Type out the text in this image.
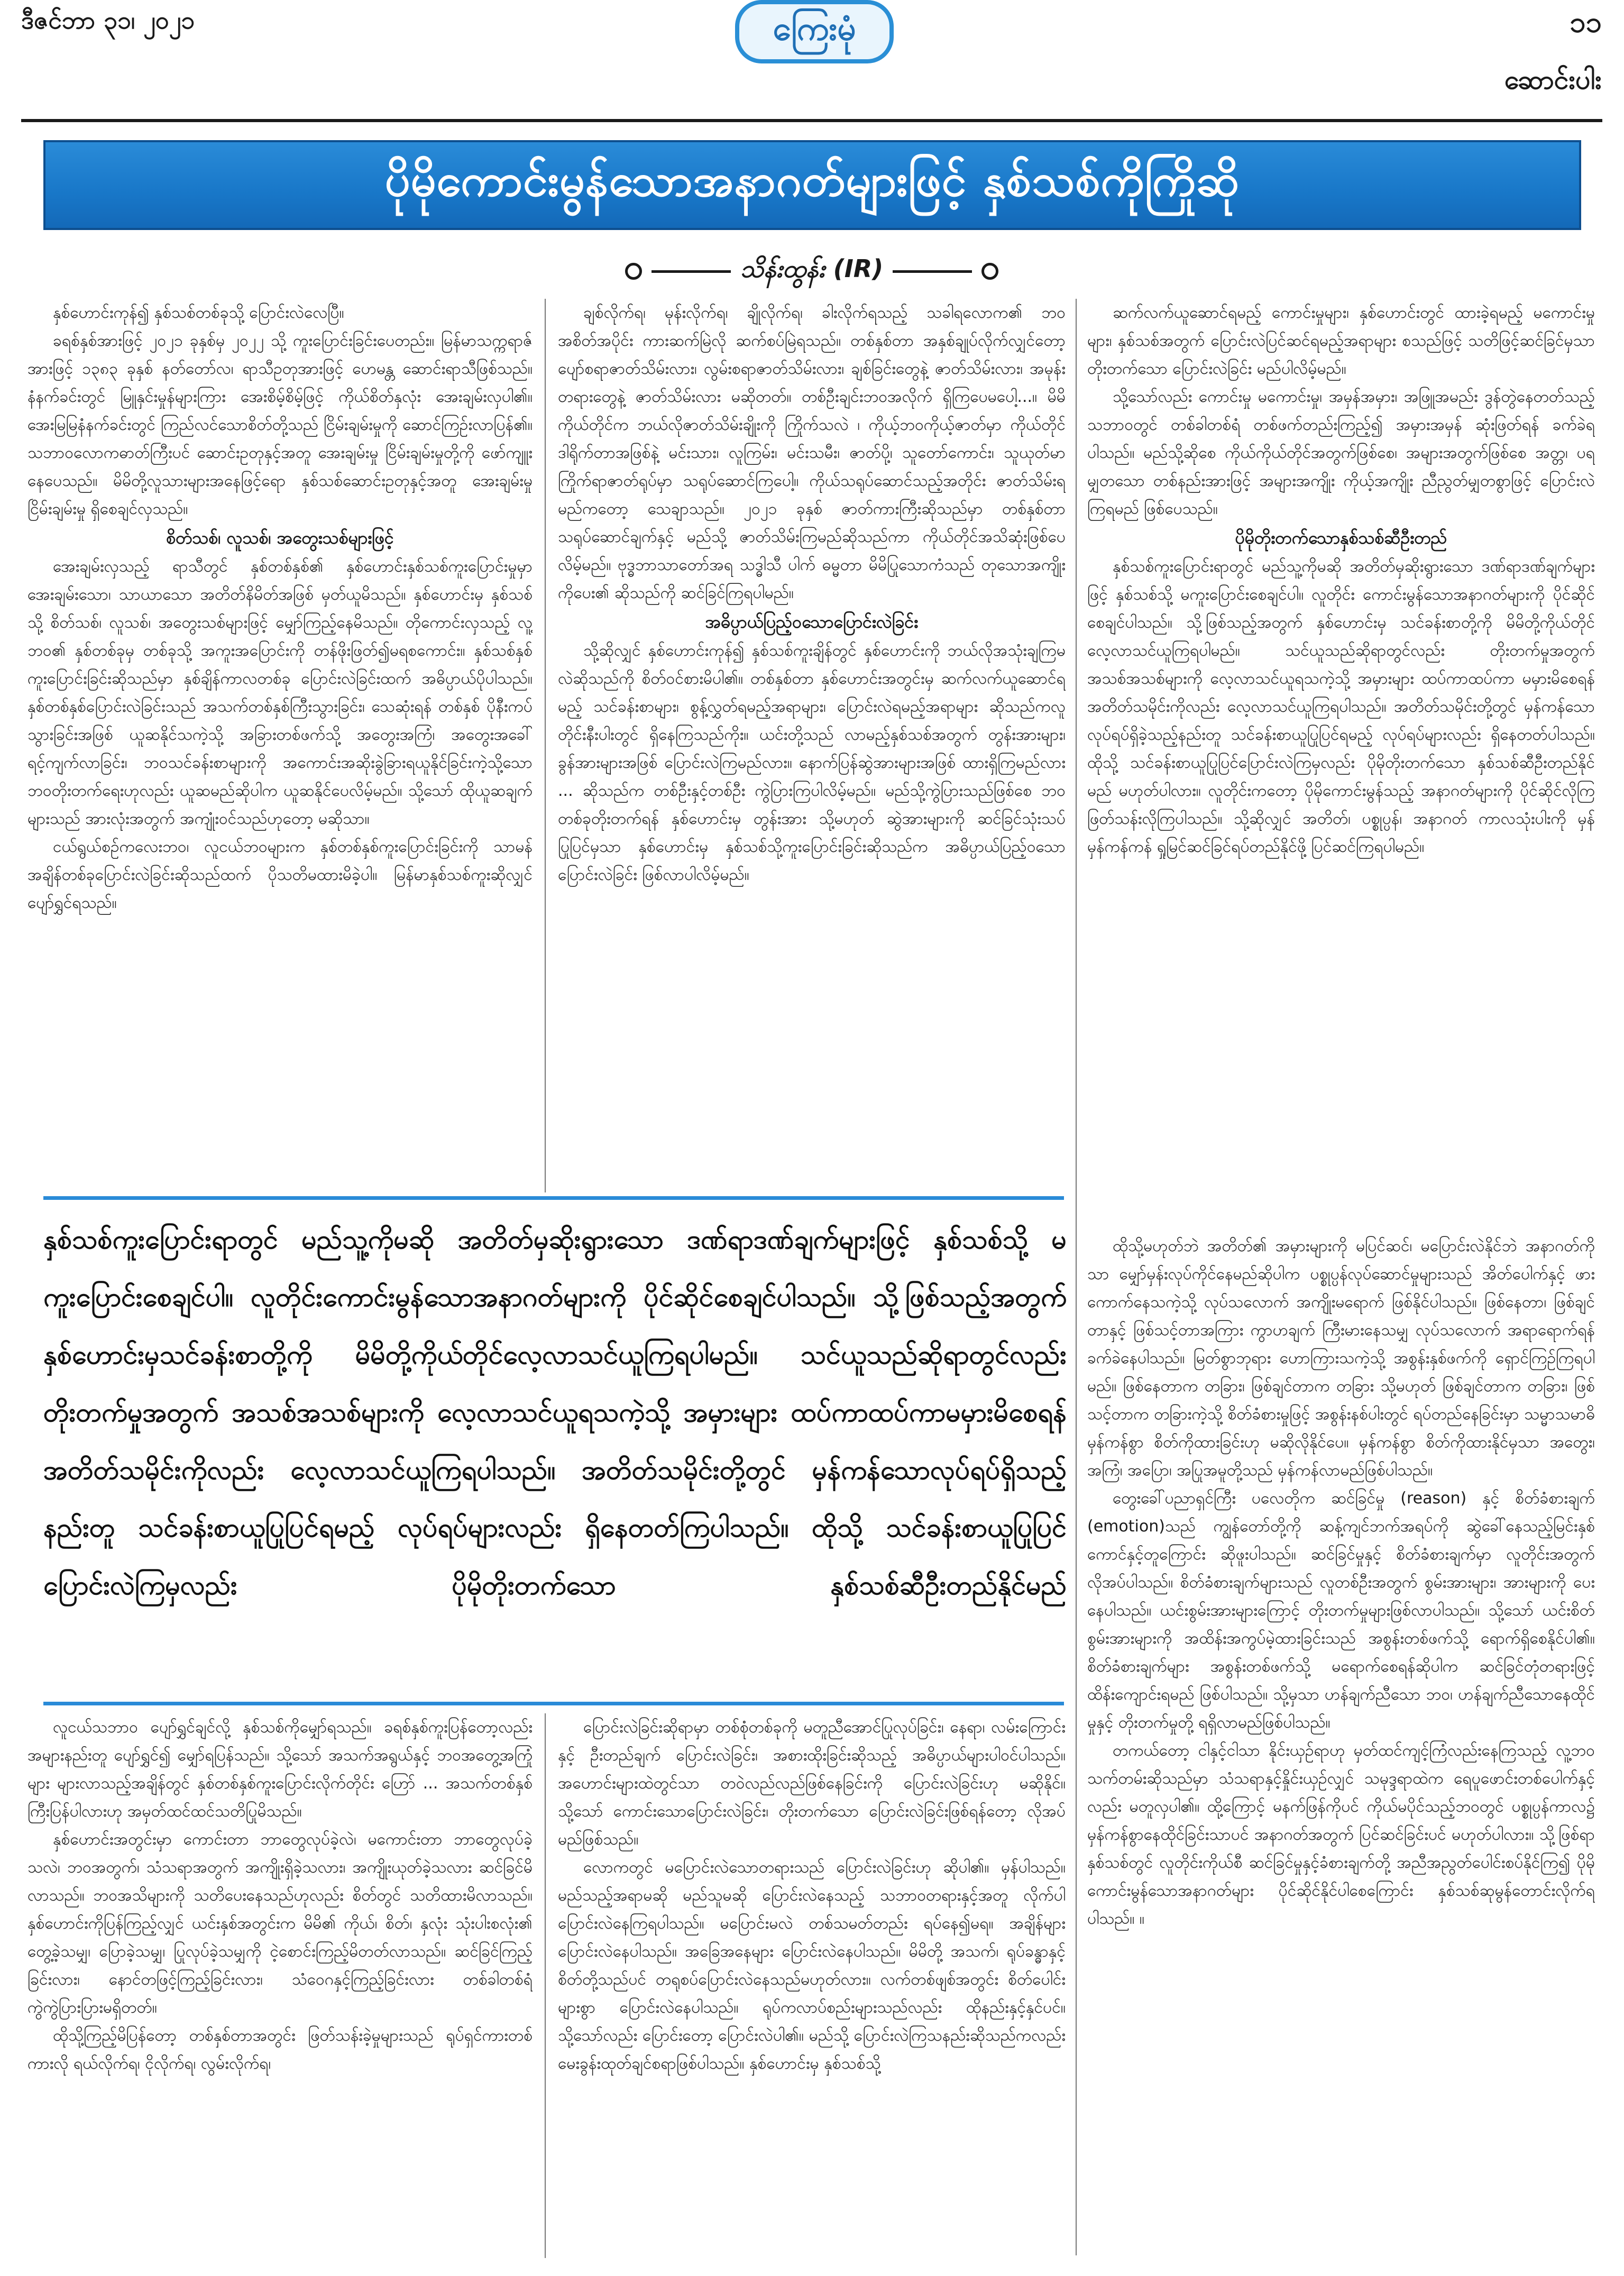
ဒီဇင်ဘာ ၃၁၊ ၂၀၂၁	ကြေးမုံ	၁၁
ဆောင်းပါး
ပိုမိုကောင်းမွန်သောအနာဂတ်များဖြင့် နှစ်သစ်ကိုကြိုဆို
သိန်းထွန်း (IR)

နှစ်ဟောင်းကုန်၍ နှစ်သစ်တစ်ခုသို့ ပြောင်းလဲလေပြီ။

ခရစ်နှစ်အားဖြင့် ၂၀၂၁ ခုနှစ်မှ ၂၀၂၂ သို့ ကူးပြောင်းခြင်းပေတည်း။ မြန်မာသက္ကရာဇ်အားဖြင့် ၁၃၈၃ ခုနှစ် နတ်တော်လ၊ ရာသီဥတုအားဖြင့် ဟေမန္တ ဆောင်းရာသီဖြစ်သည်။ နံနက်ခင်းတွင် မြူနှင်းမှုန်များကြား အေးစိမ့်စိမ့်ဖြင့် ကိုယ်စိတ်နှလုံး အေးချမ်းလှပါ၏။ အေးမြမြနံနက်ခင်းတွင် ကြည်လင်သောစိတ်တို့သည် ငြိမ်းချမ်းမှုကို ဆောင်ကြဉ်းလာပြန်၏။ သဘာဝလောကဓာတ်ကြီးပင် ဆောင်းဥတုနှင့်အတူ အေးချမ်းမှု ငြိမ်းချမ်းမှုတို့ကို ဖော်ကျူးနေပေသည်။ မိမိတို့လူသားများအနေဖြင့်ရော နှစ်သစ်ဆောင်းဥတုနှင့်အတူ အေးချမ်းမှု ငြိမ်းချမ်းမှု ရှိစေချင်လှသည်။

စိတ်သစ်၊ လူသစ်၊ အတွေးသစ်များဖြင့်

အေးချမ်းလှသည့် ရာသီတွင် နှစ်တစ်နှစ်၏ နှစ်ဟောင်းနှစ်သစ်ကူးပြောင်းမှုမှာ အေးချမ်းသော၊ သာယာသော အတိတ်နိမိတ်အဖြစ် မှတ်ယူမိသည်။ နှစ်ဟောင်းမှ နှစ်သစ်သို့ စိတ်သစ်၊ လူသစ်၊ အတွေးသစ်များဖြင့် မျှော်ကြည့်နေမိသည်။ တိုကောင်းလှသည့် လူ့ဘဝ၏ နှစ်တစ်ခုမှ တစ်ခုသို့ အကူးအပြောင်းကို တန်ဖိုးဖြတ်၍မရစကောင်း။ နှစ်သစ်နှစ် ကူးပြောင်းခြင်းဆိုသည်မှာ နှစ်ချိန်ကာလတစ်ခု ပြောင်းလဲခြင်းထက် အဓိပ္ပာယ်ပိုပါသည်။ နှစ်တစ်နှစ်ပြောင်းလဲခြင်းသည် အသက်တစ်နှစ်ကြီးသွားခြင်း၊ သေဆုံးရန် တစ်နှစ် ပိုနီးကပ်သွားခြင်းအဖြစ် ယူဆနိုင်သကဲ့သို့ အခြားတစ်ဖက်သို့ အတွေးအကြံ၊ အတွေးအခေါ် ရင့်ကျက်လာခြင်း၊ ဘဝသင်ခန်းစာများကို အကောင်းအဆိုးခွဲခြားရယူနိုင်ခြင်းကဲ့သို့သော ဘဝတိုးတက်ရေးဟုလည်း ယူဆမည်ဆိုပါက ယူဆနိုင်ပေလိမ့်မည်။ သို့သော် ထိုယူဆချက်များသည် အားလုံးအတွက် အကျုံးဝင်သည်ဟုတော့ မဆိုသာ။

ငယ်ရွယ်စဉ်ကလေးဘဝ၊ လူငယ်ဘဝများက နှစ်တစ်နှစ်ကူးပြောင်းခြင်းကို သာမန်အချိန်တစ်ခုပြောင်းလဲခြင်းဆိုသည်ထက် ပိုသတိမထားမိခဲ့ပါ။ မြန်မာနှစ်သစ်ကူးဆိုလျှင် ပျော်ရွှင်ရသည်။

ချစ်လိုက်ရ၊ မုန်းလိုက်ရ၊ ချိုလိုက်ရ၊ ခါးလိုက်ရသည့် သခါရလောက၏ ဘဝအစိတ်အပိုင်း ကားဆက်မြဲလို ဆက်စပ်မြဲရသည်။ တစ်နှစ်တာ အနှစ်ချုပ်လိုက်လျှင်တော့ ပျော်စရာဇာတ်သိမ်းလား၊ လွမ်းစရာဇာတ်သိမ်းလား၊ ချစ်ခြင်းတွေနဲ့ ဇာတ်သိမ်းလား၊ အမုန်းတရားတွေနဲ့ ဇာတ်သိမ်းလား မဆိုတတ်။ တစ်ဦးချင်းဘဝအလိုက် ရှိကြပေမပေါ့...။ မိမိကိုယ်တိုင်က ဘယ်လိုဇာတ်သိမ်းချိုးကို ကြိုက်သလဲ ၊ ကိုယ့်ဘဝကိုယ့်ဇာတ်မှာ ကိုယ်တိုင်ဒါရိုက်တာအဖြစ်နဲ့ မင်းသား၊ လူကြမ်း၊ မင်းသမီး၊ ဇာတ်ပို့၊ သူတော်ကောင်း၊ သူယုတ်မာ ကြိုက်ရာဇာတ်ရုပ်မှာ သရုပ်ဆောင်ကြပေါ့။ ကိုယ်သရုပ်ဆောင်သည့်အတိုင်း ဇာတ်သိမ်းရမည်ကတော့ သေချာသည်။ ၂၀၂၁ ခုနှစ် ဇာတ်ကားကြီးဆိုသည်မှာ တစ်နှစ်တာသရုပ်ဆောင်ချက်နှင့် မည်သို့ ဇာတ်သိမ်းကြမည်ဆိုသည်ကာ ကိုယ်တိုင်အသိဆုံးဖြစ်ပေလိမ့်မည်။ ဗုဒ္ဓဘာသာတော်အရ သဒ္ဓါသီ ပါက် ဓမ္မတာ မိမိပြုသောကံသည် တုသောအကျိုးကိုပေး၏ ဆိုသည်ကို ဆင်ခြင်ကြရပါမည်။

အဓိပ္ပာယ်ပြည့်ဝသောပြောင်းလဲခြင်း

သို့ဆိုလျှင် နှစ်ဟောင်းကုန်၍ နှစ်သစ်ကူးချိန်တွင် နှစ်ဟောင်းကို ဘယ်လိုအသုံးချကြမလဲဆိုသည်ကို စိတ်ဝင်စားမိပါ၏။ တစ်နှစ်တာ နှစ်ဟောင်းအတွင်းမှ ဆက်လက်ယူဆောင်ရမည့် သင်ခန်းစာများ၊ စွန့်လွှတ်ရမည့်အရာများ၊ ပြောင်းလဲရမည့်အရာများ ဆိုသည်ကလူတိုင်းနီးပါးတွင် ရှိနေကြသည်ကိုး။ ယင်းတို့သည် လာမည့်နှစ်သစ်အတွက် တွန်းအားများ၊ ခွန်အားများအဖြစ် ပြောင်းလဲကြမည်လား။ နောက်ပြန်ဆွဲအားများအဖြစ် ထားရှိကြမည်လား ... ဆိုသည်က တစ်ဦးနှင့်တစ်ဦး ကွဲပြားကြပါလိမ့်မည်။ မည်သို့ကွဲပြားသည်ဖြစ်စေ ဘဝတစ်ခုတိုးတက်ရန် နှစ်ဟောင်းမှ တွန်းအား သို့မဟုတ် ဆွဲအားများကို ဆင်ခြင်သုံးသပ် ပြုပြင်မှသာ နှစ်ဟောင်းမှ နှစ်သစ်သို့ကူးပြောင်းခြင်းဆိုသည်က အဓိပ္ပာယ်ပြည့်ဝသောပြောင်းလဲခြင်း ဖြစ်လာပါလိမ့်မည်။

ဆက်လက်ယူဆောင်ရမည့် ကောင်းမှုများ၊ နှစ်ဟောင်းတွင် ထားခဲ့ရမည့် မကောင်းမှုများ၊ နှစ်သစ်အတွက် ပြောင်းလဲပြင်ဆင်ရမည့်အရာများ စသည်ဖြင့် သတိဖြင့်ဆင်ခြင်မှသာ တိုးတက်သော ပြောင်းလဲခြင်း မည်ပါလိမ့်မည်။

သို့သော်လည်း ကောင်းမှု မကောင်းမှု၊ အမှန်အမှား၊ အဖြူအမည်း ဒွန်တွဲနေတတ်သည့် သဘာဝတွင် တစ်ခါတစ်ရံ တစ်ဖက်တည်းကြည့်၍ အမှားအမှန် ဆုံးဖြတ်ရန် ခက်ခဲရပါသည်။ မည်သို့ဆိုစေ ကိုယ်ကိုယ်တိုင်အတွက်ဖြစ်စေ၊ အများအတွက်ဖြစ်စေ အတ္တ၊ ပရ မျှတသော တစ်နည်းအားဖြင့် အများအကျိုး ကိုယ့်အကျိုး ညီညွတ်မျှတစွာဖြင့် ပြောင်းလဲကြရမည် ဖြစ်ပေသည်။

ပိုမိုတိုးတက်သောနှစ်သစ်ဆီဦးတည်

နှစ်သစ်ကူးပြောင်းရာတွင် မည်သူ့ကိုမဆို အတိတ်မှဆိုးရွားသော ဒဏ်ရာဒဏ်ချက်များဖြင့် နှစ်သစ်သို့ မကူးပြောင်းစေချင်ပါ။ လူတိုင်း ကောင်းမွန်သောအနာဂတ်များကို ပိုင်ဆိုင်စေချင်ပါသည်။ သို့ဖြစ်သည့်အတွက် နှစ်ဟောင်းမှ သင်ခန်းစာတို့ကို မိမိတို့ကိုယ်တိုင် လေ့လာသင်ယူကြရပါမည်။ သင်ယူသည်ဆိုရာတွင်လည်း တိုးတက်မှုအတွက် အသစ်အသစ်များကို လေ့လာသင်ယူရသကဲ့သို့ အမှားများ ထပ်ကာထပ်ကာ မမှားမိစေရန် အတိတ်သမိုင်းကိုလည်း လေ့လာသင်ယူကြရပါသည်။ အတိတ်သမိုင်းတို့တွင် မှန်ကန်သောလုပ်ရပ်ရှိခဲ့သည့်နည်းတူ သင်ခန်းစာယူပြုပြင်ရမည့် လုပ်ရပ်များလည်း ရှိနေတတ်ပါသည်။ ထိုသို့ သင်ခန်းစာယူပြုပြင်ပြောင်းလဲကြမှလည်း ပိုမိုတိုးတက်သော နှစ်သစ်ဆီဦးတည်နိုင်မည် မဟုတ်ပါလား။ လူတိုင်းကတော့ ပိုမိုကောင်းမွန်သည့် အနာဂတ်များကို ပိုင်ဆိုင်လိုကြ ဖြတ်သန်းလိုကြပါသည်။ သို့ဆိုလျှင် အတိတ်၊ ပစ္စုပ္ပန်၊ အနာဂတ် ကာလသုံးပါးကို မှန်မှန်ကန်ကန် ရှုမြင်ဆင်ခြင်ရပ်တည်နိုင်ဖို့ ပြင်ဆင်ကြရပါမည်။

နှစ်သစ်ကူးပြောင်းရာတွင် မည်သူ့ကိုမဆို အတိတ်မှဆိုးရွားသော ဒဏ်ရာဒဏ်ချက်များဖြင့် နှစ်သစ်သို့ မကူးပြောင်းစေချင်ပါ။ လူတိုင်းကောင်းမွန်သောအနာဂတ်များကို ပိုင်ဆိုင်စေချင်ပါသည်။ သို့ဖြစ်သည့်အတွက် နှစ်ဟောင်းမှသင်ခန်းစာတို့ကို မိမိတို့ကိုယ်တိုင်လေ့လာသင်ယူကြရပါမည်။ သင်ယူသည်ဆိုရာတွင်လည်း တိုးတက်မှုအတွက် အသစ်အသစ်များကို လေ့လာသင်ယူရသကဲ့သို့ အမှားများ ထပ်ကာထပ်ကာမမှားမိစေရန် အတိတ်သမိုင်းကိုလည်း လေ့လာသင်ယူကြရပါသည်။ အတိတ်သမိုင်းတို့တွင် မှန်ကန်သောလုပ်ရပ်ရှိသည့်နည်းတူ သင်ခန်းစာယူပြုပြင်ရမည့် လုပ်ရပ်များလည်း ရှိနေတတ်ကြပါသည်။ ထိုသို့ သင်ခန်းစာယူပြုပြင်ပြောင်းလဲကြမှလည်း ပိုမိုတိုးတက်သော နှစ်သစ်ဆီဦးတည်နိုင်မည်

ထိုသို့မဟုတ်ဘဲ အတိတ်၏ အမှားများကို မပြင်ဆင်၊ မပြောင်းလဲနိုင်ဘဲ အနာဂတ်ကိုသာ မျှော်မှန်းလုပ်ကိုင်နေမည်ဆိုပါက ပစ္စုပ္ပန်လုပ်ဆောင်မှုများသည် အိတ်ပေါက်နှင့် ဖားကောက်နေသကဲ့သို့ လုပ်သလောက် အကျိုးမရောက် ဖြစ်နိုင်ပါသည်။ ဖြစ်နေတာ၊ ဖြစ်ချင်တာနှင့် ဖြစ်သင့်တာအကြား ကွာဟချက် ကြီးမားနေသမျှ လုပ်သလောက် အရာရောက်ရန် ခက်ခဲနေပါသည်။ မြတ်စွာဘုရား ဟောကြားသကဲ့သို့ အစွန်းနှစ်ဖက်ကို ရှောင်ကြဉ်ကြရပါမည်။ ဖြစ်နေတာက တခြား၊ ဖြစ်ချင်တာက တခြား သို့မဟုတ် ဖြစ်ချင်တာက တခြား၊ ဖြစ်သင့်တာက တခြားကဲ့သို့ စိတ်ခံစားမှုဖြင့် အစွန်းနစ်ပါးတွင် ရပ်တည်နေခြင်းမှာ သမ္မာသမာဓိ မှန်ကန်စွာ စိတ်ကိုထားခြင်းဟု မဆိုလိုနိုင်ပေ။ မှန်ကန်စွာ စိတ်ကိုထားနိုင်မှသာ အတွေး၊ အကြံ၊ အပြော၊ အပြုအမူတို့သည် မှန်ကန်လာမည်ဖြစ်ပါသည်။

တွေးခေါ်ပညာရှင်ကြီး ပလေတိုက ဆင်ခြင်မှု (reason) နှင့် စိတ်ခံစားချက် (emotion)သည် ကျွန်တော်တို့ကို ဆန့်ကျင်ဘက်အရပ်ကို ဆွဲခေါ်နေသည့်မြင်းနှစ်ကောင်နှင့်တူကြောင်း ဆိုဖူးပါသည်။ ဆင်ခြင်မှုနှင့် စိတ်ခံစားချက်မှာ လူတိုင်းအတွက် လိုအပ်ပါသည်။ စိတ်ခံစားချက်များသည် လူတစ်ဦးအတွက် စွမ်းအားများ၊ အားများကို ပေးနေပါသည်။ ယင်းစွမ်းအားများကြောင့် တိုးတက်မှုများဖြစ်လာပါသည်။ သို့သော် ယင်းစိတ်စွမ်းအားများကို အထိန်းအကွပ်မဲ့ထားခြင်းသည် အစွန်းတစ်ဖက်သို့ ရောက်ရှိစေနိုင်ပါ၏။ စိတ်ခံစားချက်များ အစွန်းတစ်ဖက်သို့ မရောက်စေရန်ဆိုပါက ဆင်ခြင်တုံတရားဖြင့် ထိန်းကျောင်းရမည် ဖြစ်ပါသည်။ သို့မှသာ ဟန်ချက်ညီသော ဘဝ၊ ဟန်ချက်ညီသောနေထိုင်မှုနှင့် တိုးတက်မှုတို့ ရရှိလာမည်ဖြစ်ပါသည်။

တကယ်တော့ ငါနှင့်ငါသာ နိုင်းယှဉ်ရာဟု မှတ်ထင်ကျင့်ကြံလည်းနေကြသည့် လူ့ဘဝသက်တမ်းဆိုသည်မှာ သံသရာနှင့်နှိုင်းယှဉ်လျှင် သမုဒ္ဒရာထဲက ရေပူဖောင်းတစ်ပေါက်နှင့်လည်း မတူလှပါ၏။ ထို့ကြောင့် မနက်ဖြန်ကိုပင် ကိုယ်မပိုင်သည့်ဘဝတွင် ပစ္စုပ္ပန်ကာလ၌ မှန်ကန်စွာနေထိုင်ခြင်းသာပင် အနာဂတ်အတွက် ပြင်ဆင်ခြင်းပင် မဟုတ်ပါလား။ သို့ဖြစ်ရာ နှစ်သစ်တွင် လူတိုင်းကိုယ်စီ ဆင်ခြင်မှုနှင့်ခံစားချက်တို့ အညီအညွတ်ပေါင်းစပ်နိုင်ကြ၍ ပိုမိုကောင်းမွန်သောအနာဂတ်များ ပိုင်ဆိုင်နိုင်ပါစေကြောင်း နှစ်သစ်ဆုမွန်တောင်းလိုက်ရပါသည်။ ။

လူငယ်သဘာဝ ပျော်ရွှင်ချင်လို့ နှစ်သစ်ကိုမျှော်ရသည်။ ခရစ်နှစ်ကူးပြန်တော့လည်း အများနည်းတူ ပျော်ရွှင်၍ မျှော်ရပြန်သည်။ သို့သော် အသက်အရွယ်နှင့် ဘဝအတွေ့အကြုံများ များလာသည့်အချိန်တွင် နှစ်တစ်နှစ်ကူးပြောင်းလိုက်တိုင်း ဟြော် ... အသက်တစ်နှစ်ကြီးပြန်ပါလားဟု အမှတ်ထင်ထင်သတိပြုမိသည်။

နှစ်ဟောင်းအတွင်းမှာ ကောင်းတာ ဘာတွေလုပ်ခဲ့လဲ၊ မကောင်းတာ ဘာတွေလုပ်ခဲ့သလဲ၊ ဘဝအတွက်၊ သံသရာအတွက် အကျိုးရှိခဲ့သလား၊ အကျိုးယုတ်ခဲ့သလား ဆင်ခြင်မိလာသည်။ ဘဝအသိများကို သတိပေးနေသည်ဟုလည်း စိတ်တွင် သတိထားမိလာသည်။ နှစ်ဟောင်းကိုပြန်ကြည့်လျှင် ယင်းနှစ်အတွင်းက မိမိ၏ ကိုယ်၊ စိတ်၊ နှလုံး သုံးပါးစလုံး၏ တွေ့ခဲ့သမျှ၊ ပြောခဲ့သမျှ၊ ပြုလုပ်ခဲ့သမျှကို ငဲ့စောင်းကြည့်မိတတ်လာသည်။ ဆင်ခြင်ကြည့်ခြင်းလား၊ နောင်တဖြင့်ကြည့်ခြင်းလား၊ သံဝေဂနှင့်ကြည့်ခြင်းလား တစ်ခါတစ်ရံ ကွဲကွဲပြားပြားမရှိတတ်။

ထိုသို့ကြည့်မိပြန်တော့ တစ်နှစ်တာအတွင်း ဖြတ်သန်းခဲ့မှုများသည် ရုပ်ရှင်ကားတစ်ကားလို ရယ်လိုက်ရ၊ ငိုလိုက်ရ၊ လွမ်းလိုက်ရ၊

ပြောင်းလဲခြင်းဆိုရာမှာ တစ်စုံတစ်ခုကို မတူညီအောင်ပြုလုပ်ခြင်း၊ နေရာ၊ လမ်းကြောင်းနှင့် ဦးတည်ချက် ပြောင်းလဲခြင်း၊ အစားထိုးခြင်းဆိုသည့် အဓိပ္ပာယ်များပါဝင်ပါသည်။ အဟောင်းများထဲတွင်သာ တဝဲလည်လည်ဖြစ်နေခြင်းကို ပြောင်းလဲခြင်းဟု မဆိုနိုင်။ သို့သော် ကောင်းသောပြောင်းလဲခြင်း၊ တိုးတက်သော ပြောင်းလဲခြင်းဖြစ်ရန်တော့ လိုအပ်မည်ဖြစ်သည်။

လောကတွင် မပြောင်းလဲသောတရားသည် ပြောင်းလဲခြင်းဟု ဆိုပါ၏။ မှန်ပါသည်။ မည်သည့်အရာမဆို မည်သူမဆို ပြောင်းလဲနေသည့် သဘာဝတရားနှင့်အတူ လိုက်ပါပြောင်းလဲနေကြရပါသည်။ မပြောင်းမလဲ တစ်သမတ်တည်း ရပ်နေ၍မရ။ အချိန်များ ပြောင်းလဲနေပါသည်။ အခြေအနေများ ပြောင်းလဲနေပါသည်။ မိမိတို့ အသက်၊ ရုပ်ခန္ဓာနှင့် စိတ်တို့သည်ပင် တရုစပ်ပြောင်းလဲနေသည်မဟုတ်လား။ လက်တစ်ဖျစ်အတွင်း စိတ်ပေါင်းများစွာ ပြောင်းလဲနေပါသည်။ ရုပ်ကလာပ်စည်းများသည်လည်း ထိုနည်းနှင့်နှင်ပင်။ သို့သော်လည်း ပြောင်းတော့ ပြောင်းလဲပါ၏။ မည်သို့ ပြောင်းလဲကြသနည်းဆိုသည်ကလည်း မေးခွန်းထုတ်ချင်စရာဖြစ်ပါသည်။ နှစ်ဟောင်းမှ နှစ်သစ်သို့
